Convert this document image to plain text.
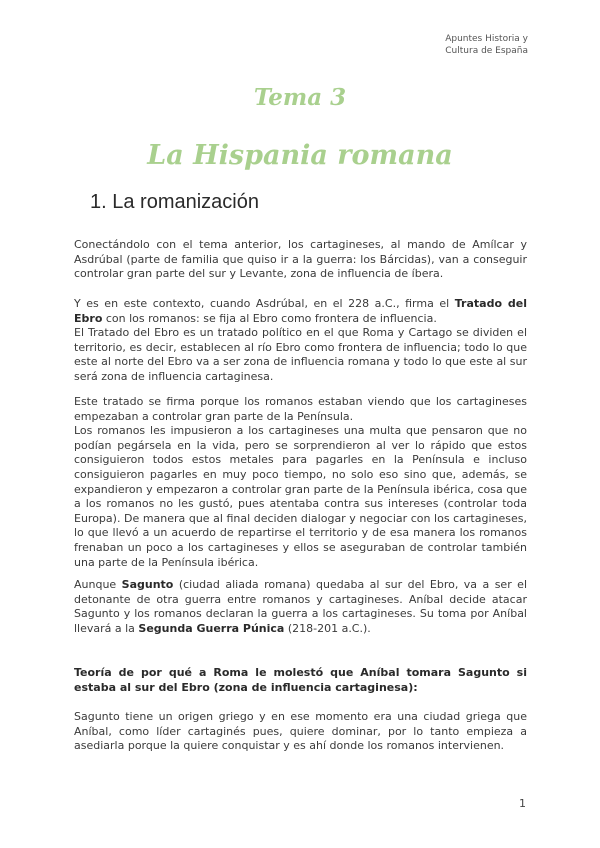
Apuntes Historia y
Cultura de España
Tema 3
La Hispania romana
1. La romanización
Conectándolo con el tema anterior, los cartagineses, al mando de Amílcar y Asdrúbal (parte de familia que quiso ir a la guerra: los Bárcidas), van a conseguir controlar gran parte del sur y Levante, zona de influencia de íbera.
Y es en este contexto, cuando Asdrúbal, en el 228 a.C., firma el Tratado del Ebro con los romanos: se fija al Ebro como frontera de influencia.
El Tratado del Ebro es un tratado político en el que Roma y Cartago se dividen el territorio, es decir, establecen al río Ebro como frontera de influencia; todo lo que este al norte del Ebro va a ser zona de influencia romana y todo lo que este al sur será zona de influencia cartaginesa.
Este tratado se firma porque los romanos estaban viendo que los cartagineses empezaban a controlar gran parte de la Península.
Los romanos les impusieron a los cartagineses una multa que pensaron que no podían pegársela en la vida, pero se sorprendieron al ver lo rápido que estos consiguieron todos estos metales para pagarles en la Península e incluso consiguieron pagarles en muy poco tiempo, no solo eso sino que, además, se expandieron y empezaron a controlar gran parte de la Península ibérica, cosa que a los romanos no les gustó, pues atentaba contra sus intereses (controlar toda Europa). De manera que al final deciden dialogar y negociar con los cartagineses, lo que llevó a un acuerdo de repartirse el territorio y de esa manera los romanos frenaban un poco a los cartagineses y ellos se aseguraban de controlar también una parte de la Península ibérica.
Aunque Sagunto (ciudad aliada romana) quedaba al sur del Ebro, va a ser el detonante de otra guerra entre romanos y cartagineses. Aníbal decide atacar Sagunto y los romanos declaran la guerra a los cartagineses. Su toma por Aníbal llevará a la Segunda Guerra Púnica (218-201 a.C.).
Teoría de por qué a Roma le molestó que Aníbal tomara Sagunto si estaba al sur del Ebro (zona de influencia cartaginesa):
Sagunto tiene un origen griego y en ese momento era una ciudad griega que Aníbal, como líder cartaginés pues, quiere dominar, por lo tanto empieza a asediarla porque la quiere conquistar y es ahí donde los romanos intervienen.
1
